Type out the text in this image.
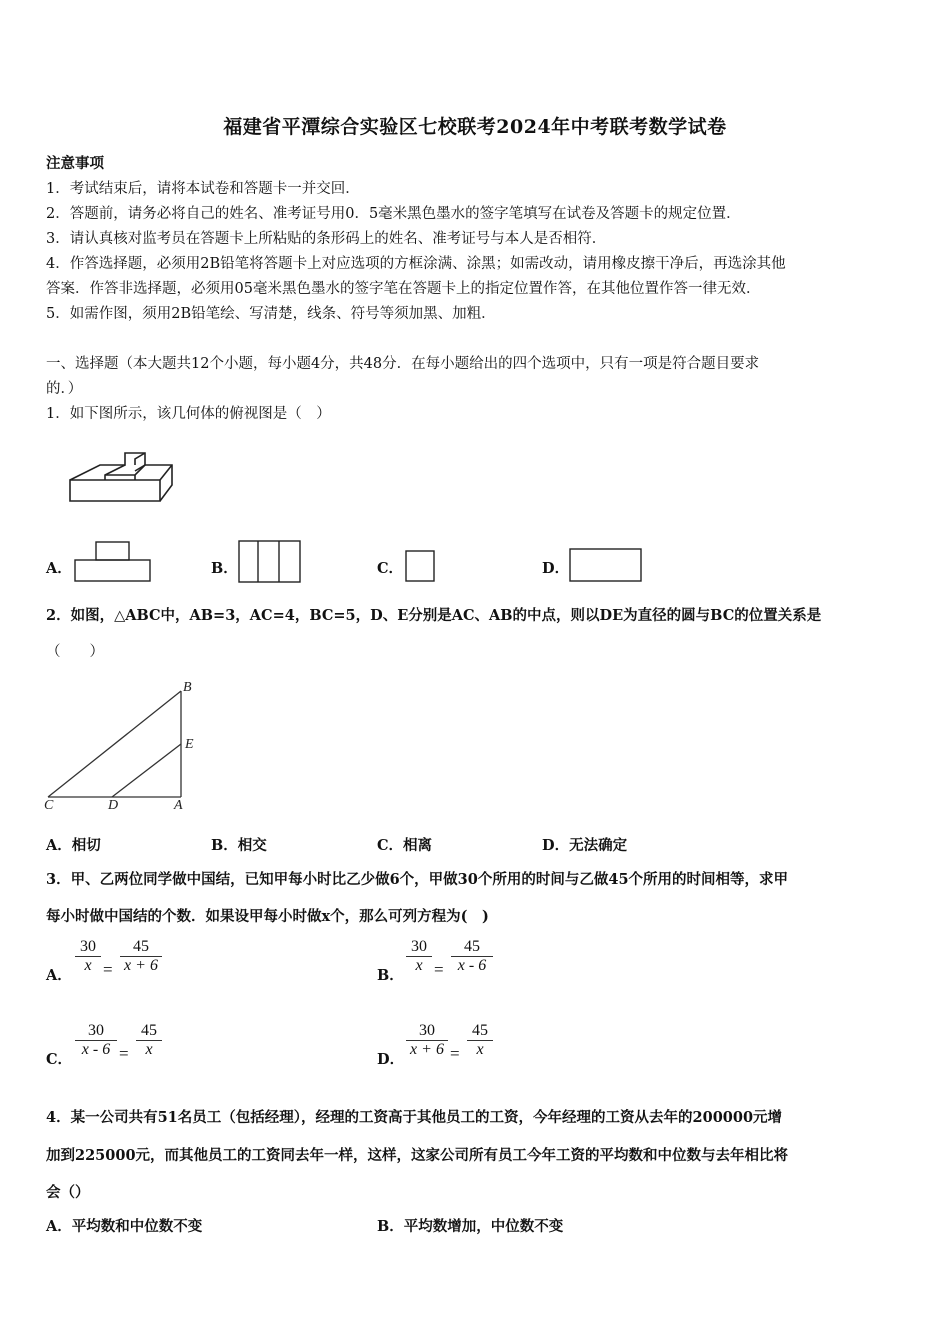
福建省平潭综合实验区七校联考2024年中考联考数学试卷
注意事项
1．考试结束后，请将本试卷和答题卡一并交回．
2．答题前，请务必将自己的姓名、准考证号用0．5毫米黑色墨水的签字笔填写在试卷及答题卡的规定位置．
3．请认真核对监考员在答题卡上所粘贴的条形码上的姓名、准考证号与本人是否相符．
4．作答选择题，必须用2B铅笔将答题卡上对应选项的方框涂满、涂黑；如需改动，请用橡皮擦干净后，再选涂其他
答案．作答非选择题，必须用05毫米黑色墨水的签字笔在答题卡上的指定位置作答，在其他位置作答一律无效．
5．如需作图，须用2B铅笔绘、写清楚，线条、符号等须加黑、加粗．
一、选择题（本大题共12个小题，每小题4分，共48分．在每小题给出的四个选项中，只有一项是符合题目要求
的．）
1．如下图所示，该几何体的俯视图是（　）
A．	B．	C．	D．
2．如图，△ABC中，AB=3，AC=4，BC=5，D、E分别是AC、AB的中点，则以DE为直径的圆与BC的位置关系是
（　　）
B
E
C	D	A
A．相切	B．相交	C．相离	D．无法确定
3．甲、乙两位同学做中国结，已知甲每小时比乙少做6个，甲做30个所用的时间与乙做45个所用的时间相等，求甲
每小时做中国结的个数．如果设甲每小时做x个，那么可列方程为(　)
A．
30
x =
45
x + 6
B．
30
x =
45
x - 6
C．
30
x - 6 =
45
x
D．
30
x + 6 =
45
x
4．某一公司共有51名员工（包括经理），经理的工资高于其他员工的工资，今年经理的工资从去年的200000元增
加到225000元，而其他员工的工资同去年一样，这样，这家公司所有员工今年工资的平均数和中位数与去年相比将
会（）
A．平均数和中位数不变	B．平均数增加，中位数不变
